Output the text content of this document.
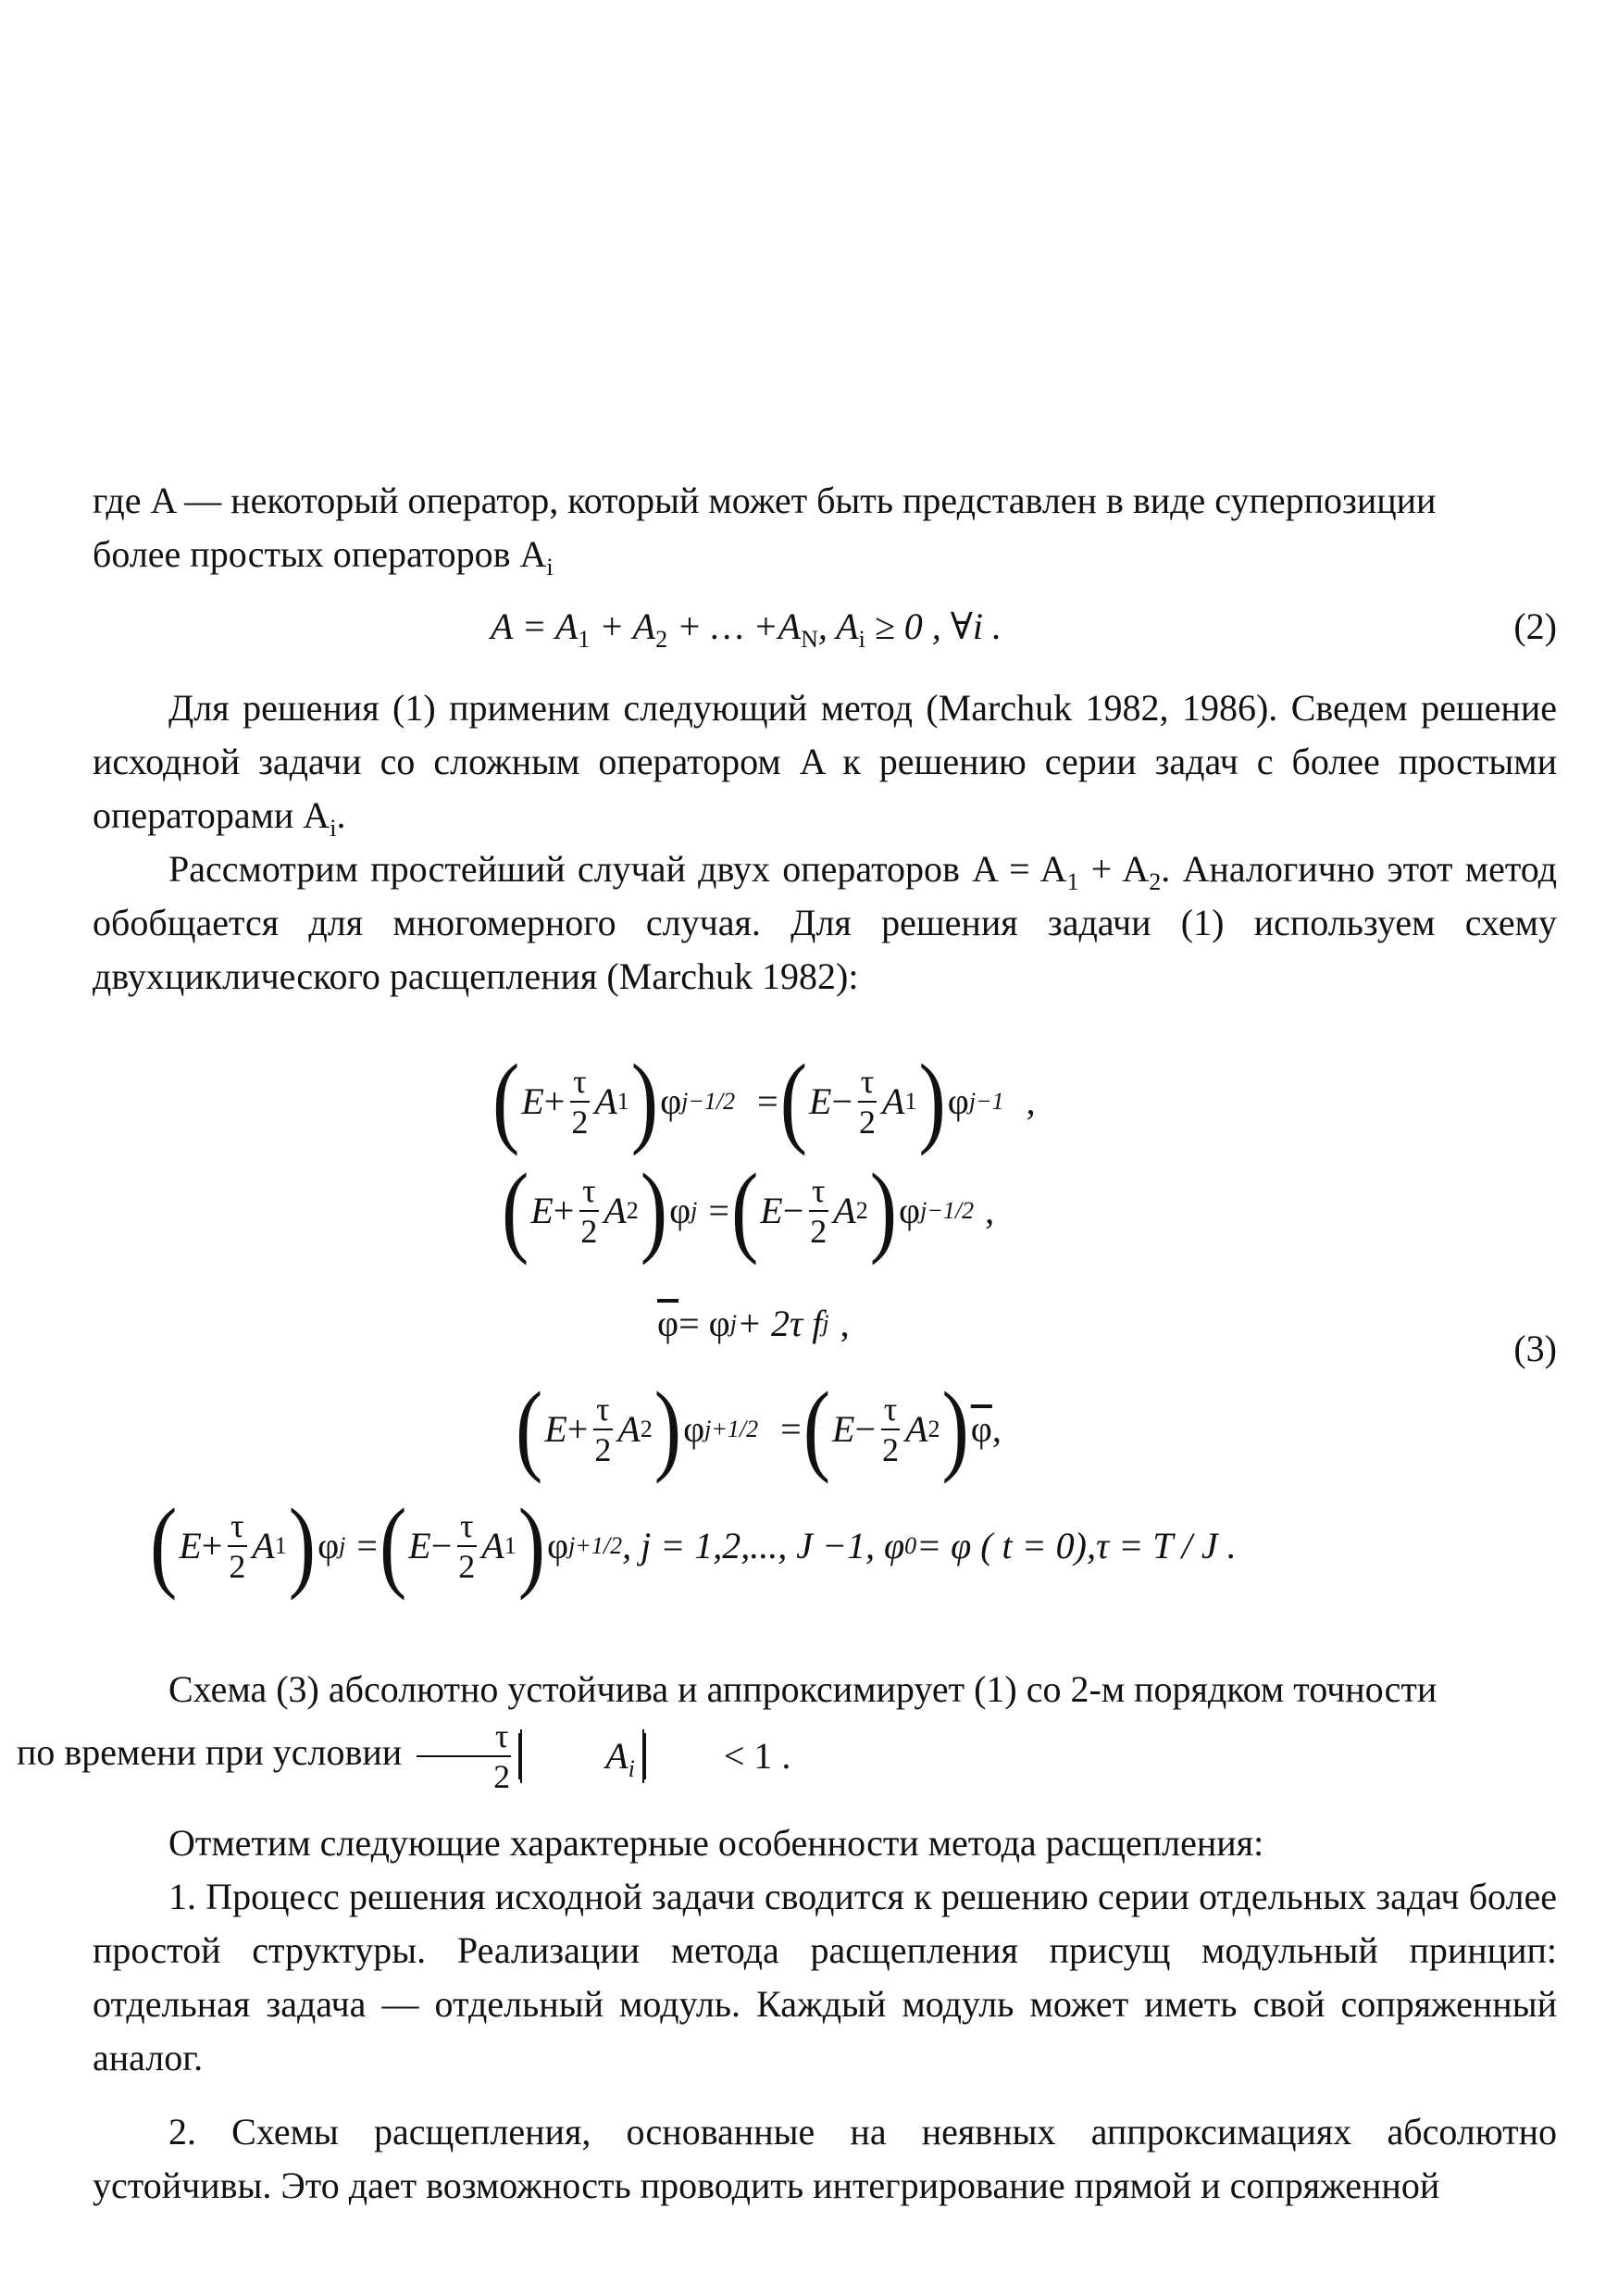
где A — некоторый оператор, который может быть представлен в виде суперпозиции
более простых операторов $A_i$

$A = A_1 + A_2$ + … $+A_N$, $A_i \ge 0$ , ∀i .	(2)

Для решения (1) применим следующий метод (Marchuk 1982, 1986). Сведем решение исходной задачи со сложным оператором A к решению серии задач с более простыми операторами $A_i$.

Рассмотрим простейший случай двух операторов $A = A_1 + A_2$. Аналогично этот метод обобщается для многомерного случая. Для решения задачи (1) используем схему двухциклического расщепления (Marchuk 1982):

( $E + \frac{\tau}{2}$ A 1 ) φ j−1/2 = ( $E - \frac{\tau}{2}$ A 1 ) φ j−1 ,
( $E + \frac{\tau}{2}$ A 2 ) φ j = ( $E - \frac{\tau}{2}$ A 2 ) φ j−1/2 ,
$\overline{\varphi} = \varphi$ j + 2τ f j ,
(3)
( $E + \frac{\tau}{2}$ A 2 ) φ j+1/2 = ( $E - \frac{\tau}{2}$ A 2 ) $\overline{\varphi}$ ,
( $E + \frac{\tau}{2}$ A 1 ) φ j = ( $E - \frac{\tau}{2}$ A 1 ) φ j+1/2 , j = 1,2,..., J −1, φ 0 = φ ( t = 0),τ = T / J .

Схема (3) абсолютно устойчива и аппроксимирует (1) со 2-м порядком точности
по времени при условии $\frac{\tau}{2}$	$A_i$	< 1 .

Отметим следующие характерные особенности метода расщепления:

1. Процесс решения исходной задачи сводится к решению серии отдельных задач более простой структуры. Реализации метода расщепления присущ модульный принцип: отдельная задача — отдельный модуль. Каждый модуль может иметь свой сопряженный аналог.

2. Схемы расщепления, основанные на неявных аппроксимациях абсолютно устойчивы. Это дает возможность проводить интегрирование прямой и сопряженной
